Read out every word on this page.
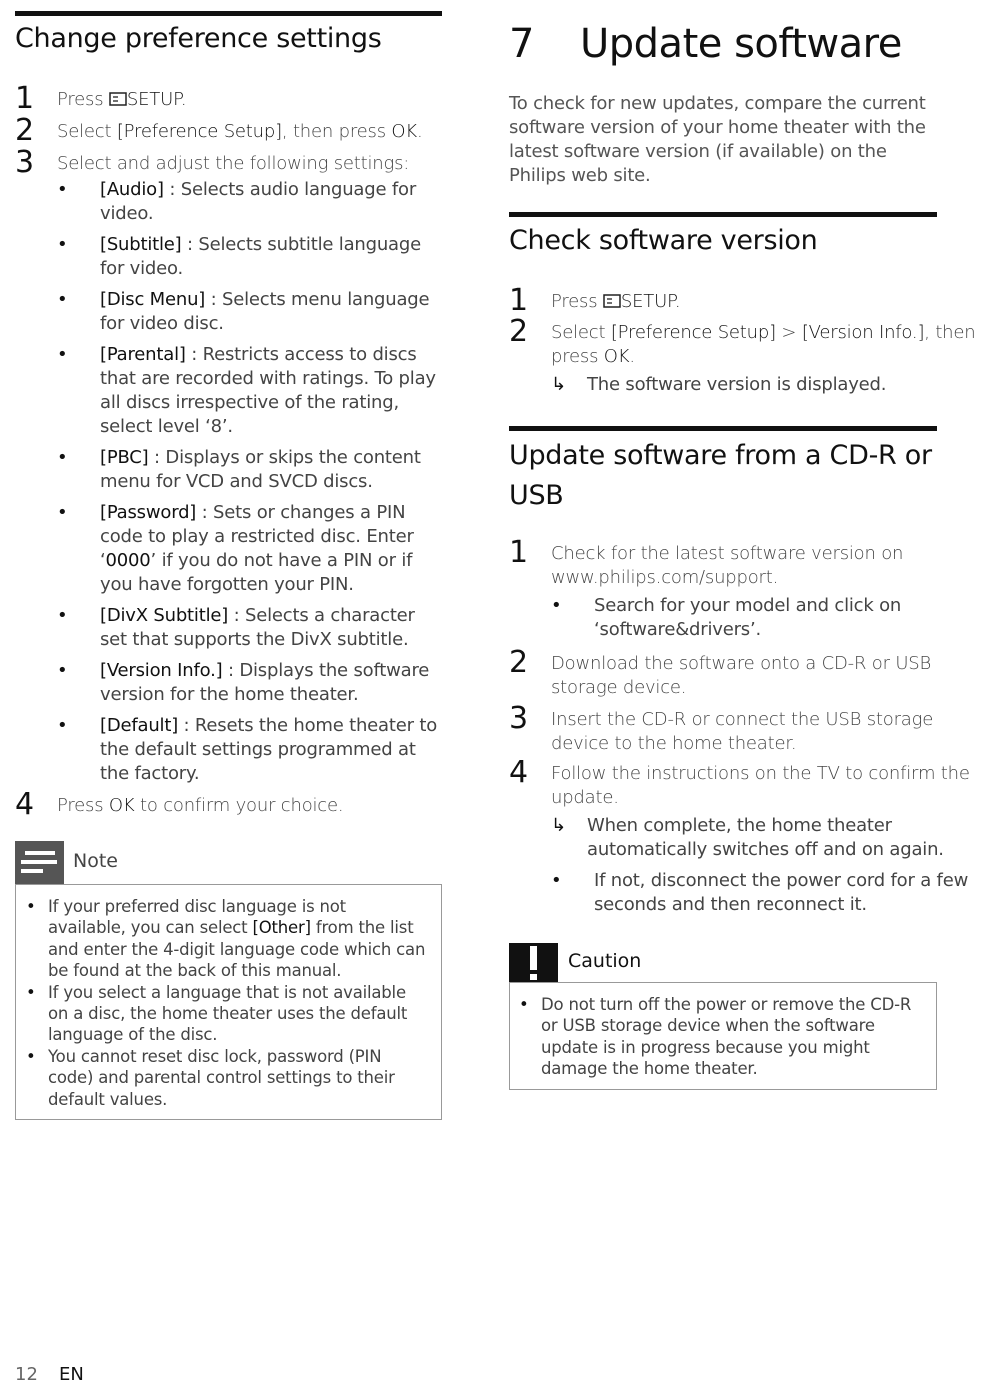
Change preference settings
1 Press SETUP.
2 Select [Preference Setup], then press OK.
3 Select and adjust the following settings:
• [Audio] : Selects audio language for video.
• [Subtitle] : Selects subtitle language for video.
• [Disc Menu] : Selects menu language for video disc.
• [Parental] : Restricts access to discs that are recorded with ratings. To play all discs irrespective of the rating, select level ‘8’.
• [PBC] : Displays or skips the content menu for VCD and SVCD discs.
• [Password] : Sets or changes a PIN code to play a restricted disc. Enter ‘0000’ if you do not have a PIN or if you have forgotten your PIN.
• [DivX Subtitle] : Selects a character set that supports the DivX subtitle.
• [Version Info.] : Displays the software version for the home theater.
• [Default] : Resets the home theater to the default settings programmed at the factory.
4 Press OK to confirm your choice.
Note
• If your preferred disc language is not available, you can select [Other] from the list and enter the 4-digit language code which can be found at the back of this manual.
• If you select a language that is not available on a disc, the home theater uses the default language of the disc.
• You cannot reset disc lock, password (PIN code) and parental control settings to their default values.
7 Update software
To check for new updates, compare the current software version of your home theater with the latest software version (if available) on the Philips web site.
Check software version
1 Press SETUP.
2 Select [Preference Setup] > [Version Info.], then press OK.
↳ The software version is displayed.
Update software from a CD-R or USB
1 Check for the latest software version on www.philips.com/support.
• Search for your model and click on ‘software&drivers’.
2 Download the software onto a CD-R or USB storage device.
3 Insert the CD-R or connect the USB storage device to the home theater.
4 Follow the instructions on the TV to confirm the update.
↳ When complete, the home theater automatically switches off and on again.
• If not, disconnect the power cord for a few seconds and then reconnect it.
Caution
• Do not turn off the power or remove the CD-R or USB storage device when the software update is in progress because you might damage the home theater.
12 EN
